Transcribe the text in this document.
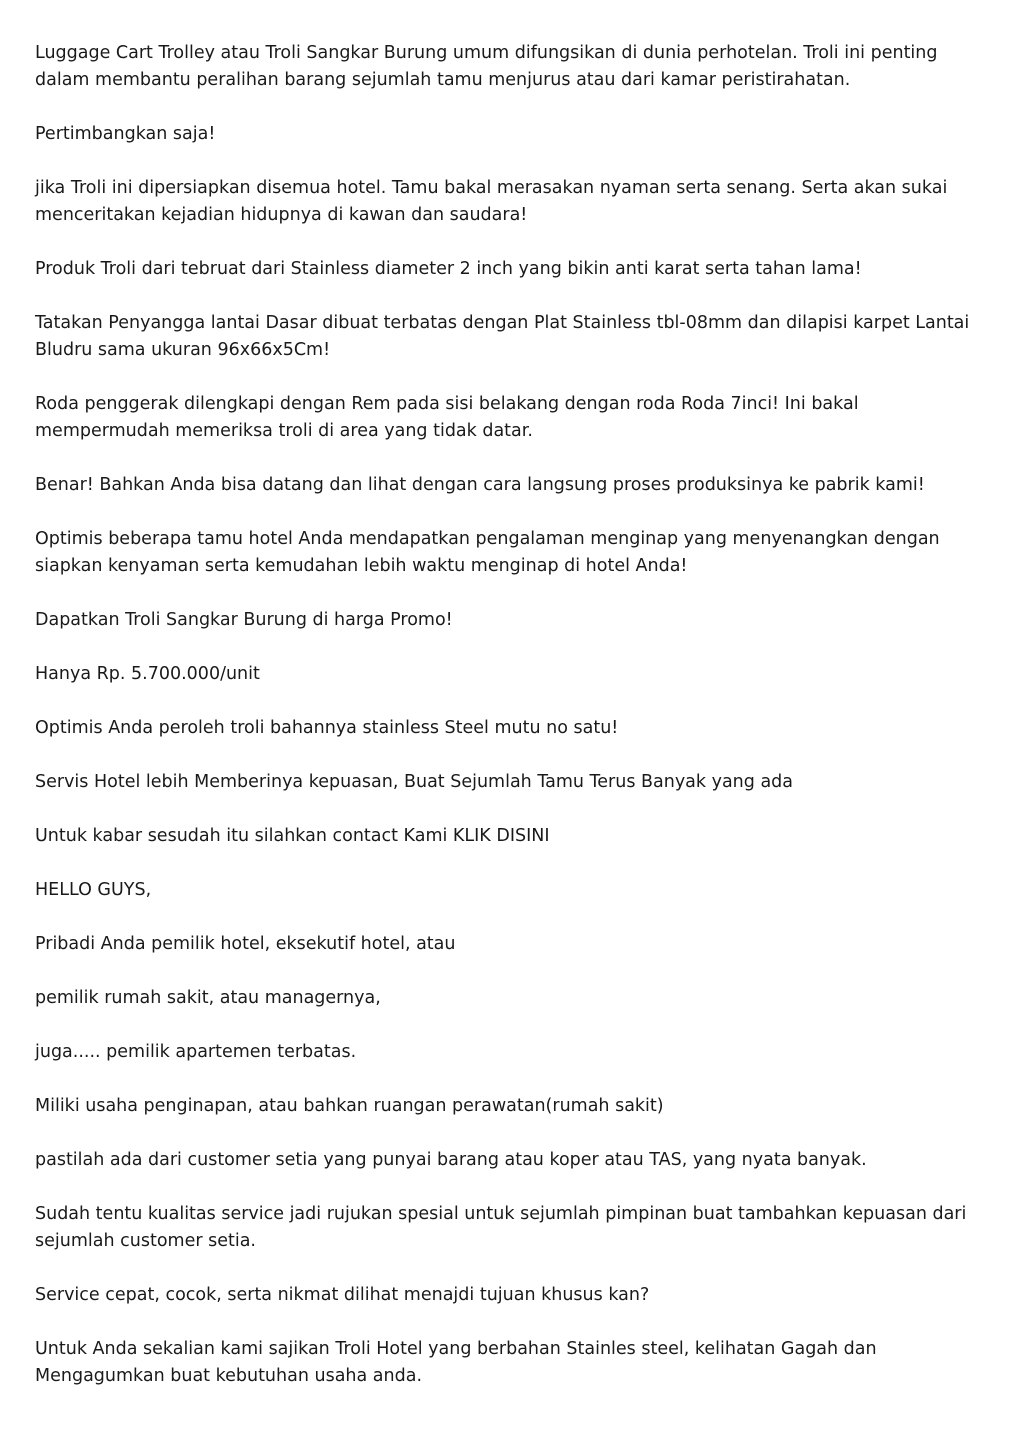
Luggage Cart Trolley atau Troli Sangkar Burung umum difungsikan di dunia perhotelan. Troli ini penting dalam membantu peralihan barang sejumlah tamu menjurus atau dari kamar peristirahatan.

Pertimbangkan saja!

jika Troli ini dipersiapkan disemua hotel. Tamu bakal merasakan nyaman serta senang. Serta akan sukai menceritakan kejadian hidupnya di kawan dan saudara!

Produk Troli dari tebruat dari Stainless diameter 2 inch yang bikin anti karat serta tahan lama!

Tatakan Penyangga lantai Dasar dibuat terbatas dengan Plat Stainless tbl-08mm dan dilapisi karpet Lantai Bludru sama ukuran 96x66x5Cm!

Roda penggerak dilengkapi dengan Rem pada sisi belakang dengan roda Roda 7inci! Ini bakal mempermudah memeriksa troli di area yang tidak datar.

Benar! Bahkan Anda bisa datang dan lihat dengan cara langsung proses produksinya ke pabrik kami!

Optimis beberapa tamu hotel Anda mendapatkan pengalaman menginap yang menyenangkan dengan siapkan kenyaman serta kemudahan lebih waktu menginap di hotel Anda!

Dapatkan Troli Sangkar Burung di harga Promo!

Hanya Rp. 5.700.000/unit

Optimis Anda peroleh troli bahannya stainless Steel mutu no satu!

Servis Hotel lebih Memberinya kepuasan, Buat Sejumlah Tamu Terus Banyak yang ada

Untuk kabar sesudah itu silahkan contact Kami KLIK DISINI

HELLO GUYS,

Pribadi Anda pemilik hotel, eksekutif hotel, atau

pemilik rumah sakit, atau managernya,

juga..... pemilik apartemen terbatas.

Miliki usaha penginapan, atau bahkan ruangan perawatan(rumah sakit)

pastilah ada dari customer setia yang punyai barang atau koper atau TAS, yang nyata banyak.

Sudah tentu kualitas service jadi rujukan spesial untuk sejumlah pimpinan buat tambahkan kepuasan dari sejumlah customer setia.

Service cepat, cocok, serta nikmat dilihat menajdi tujuan khusus kan?

Untuk Anda sekalian kami sajikan Troli Hotel yang berbahan Stainles steel, kelihatan Gagah dan Mengagumkan buat kebutuhan usaha anda.
